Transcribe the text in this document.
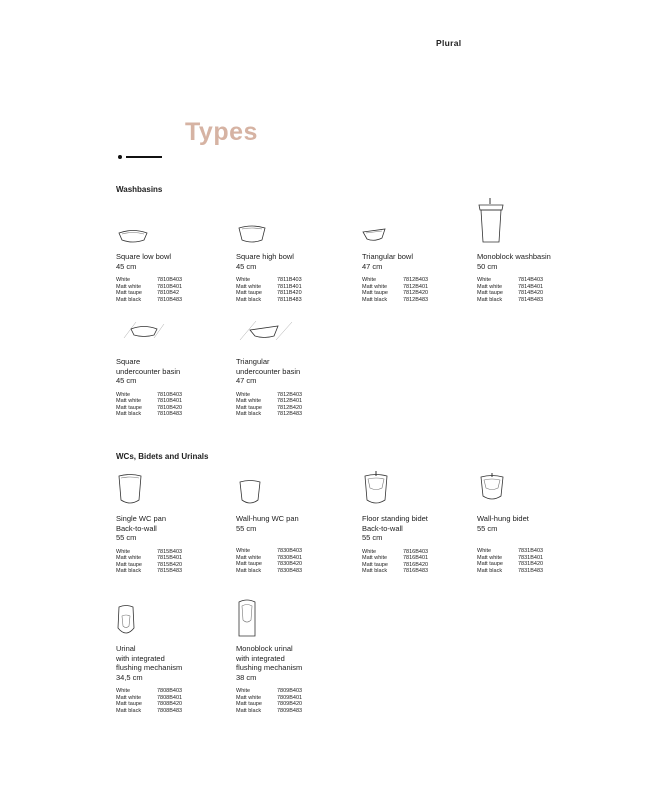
Plural
Types
Washbasins
WCs, Bidets and Urinals
Square low bowl
45 cm
White	7810B403
Matt white	7810B401
Matt taupe	7810B42
Matt black	7810B483
Square high bowl
45 cm
White	7811B403
Matt white	7811B401
Matt taupe	7811B420
Matt black	7811B483
Triangular bowl
47 cm
White	7812B403
Matt white	7812B401
Matt taupe	7812B420
Matt black	7812B483
Monoblock washbasin
50 cm
White	7814B403
Matt white	7814B401
Matt taupe	7814B420
Matt black	7814B483
Square
undercounter basin
45 cm
White	7810B403
Matt white	7810B401
Matt taupe	7810B420
Matt black	7810B483
Triangular
undercounter basin
47 cm
White	7812B403
Matt white	7812B401
Matt taupe	7812B420
Matt black	7812B483
Single WC pan
Back-to-wall
55 cm
White	7815B403
Matt white	7815B401
Matt taupe	7815B420
Matt black	7815B483
Wall-hung WC pan
55 cm
White	7830B403
Matt white	7830B401
Matt taupe	7830B420
Matt black	7830B483
Floor standing bidet
Back-to-wall
55 cm
White	7816B403
Matt white	7816B401
Matt taupe	7816B420
Matt black	7816B483
Wall-hung bidet
55 cm
White	7831B403
Matt white	7831B401
Matt taupe	7831B420
Matt black	7831B483
Urinal
with integrated
flushing mechanism
34,5 cm
White	7808B403
Matt white	7808B401
Matt taupe	7808B420
Matt black	7808B483
Monoblock urinal
with integrated
flushing mechanism
38 cm
White	7809B403
Matt white	7809B401
Matt taupe	7809B420
Matt black	7809B483
